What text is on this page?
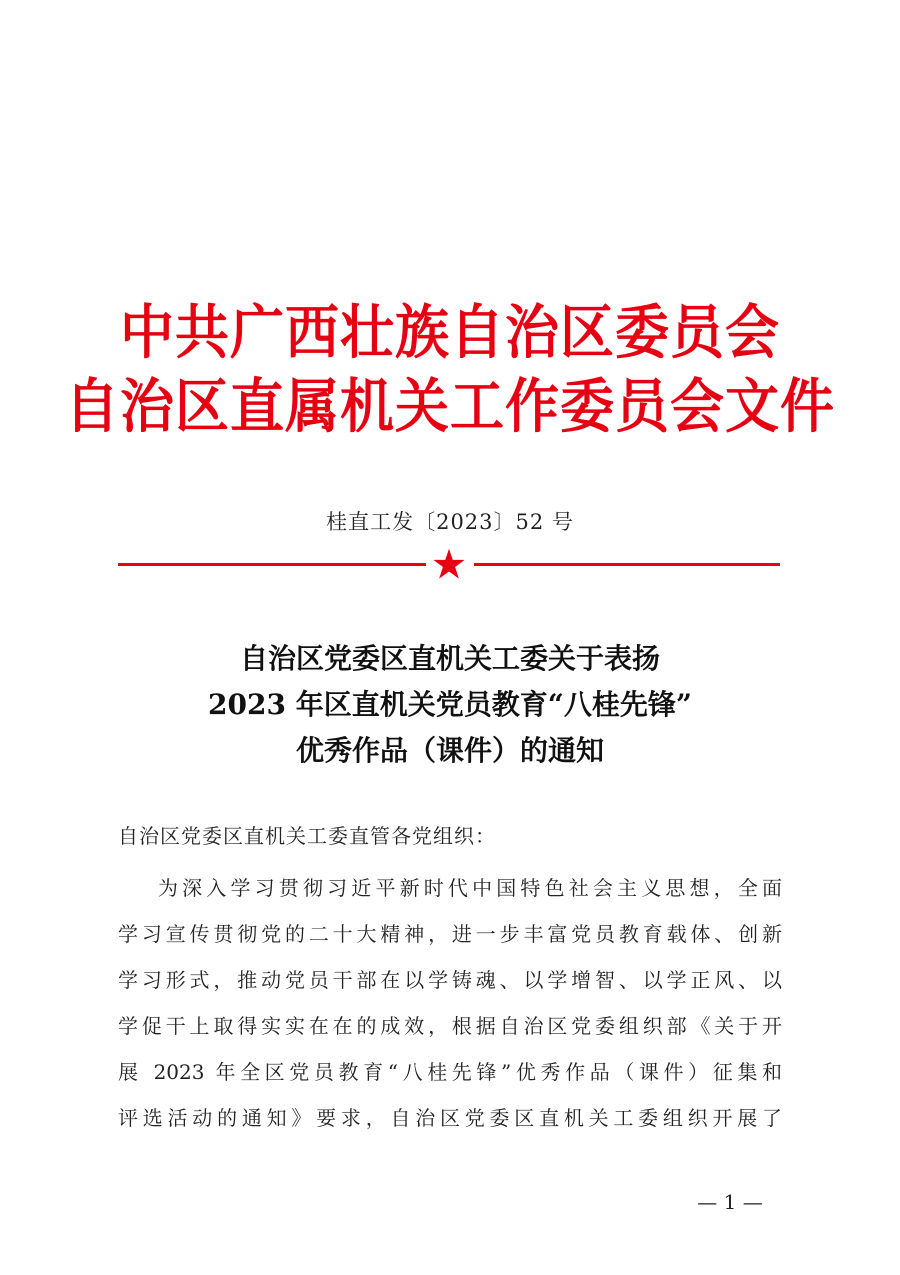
中共广西壮族自治区委员会
自治区直属机关工作委员会文件
桂直工发〔2023〕52 号
自治区党委区直机关工委关于表扬
2023 年区直机关党员教育“八桂先锋”
优秀作品（课件）的通知
自治区党委区直机关工委直管各党组织：
为深入学习贯彻习近平新时代中国特色社会主义思想，全面
学习宣传贯彻党的二十大精神，进一步丰富党员教育载体、创新
学习形式，推动党员干部在以学铸魂、以学增智、以学正风、以
学促干上取得实实在在的成效，根据自治区党委组织部《关于开
展 2023 年全区党员教育“八桂先锋”优秀作品（课件）征集和
评选活动的通知》要求，自治区党委区直机关工委组织开展了
— 1 —
